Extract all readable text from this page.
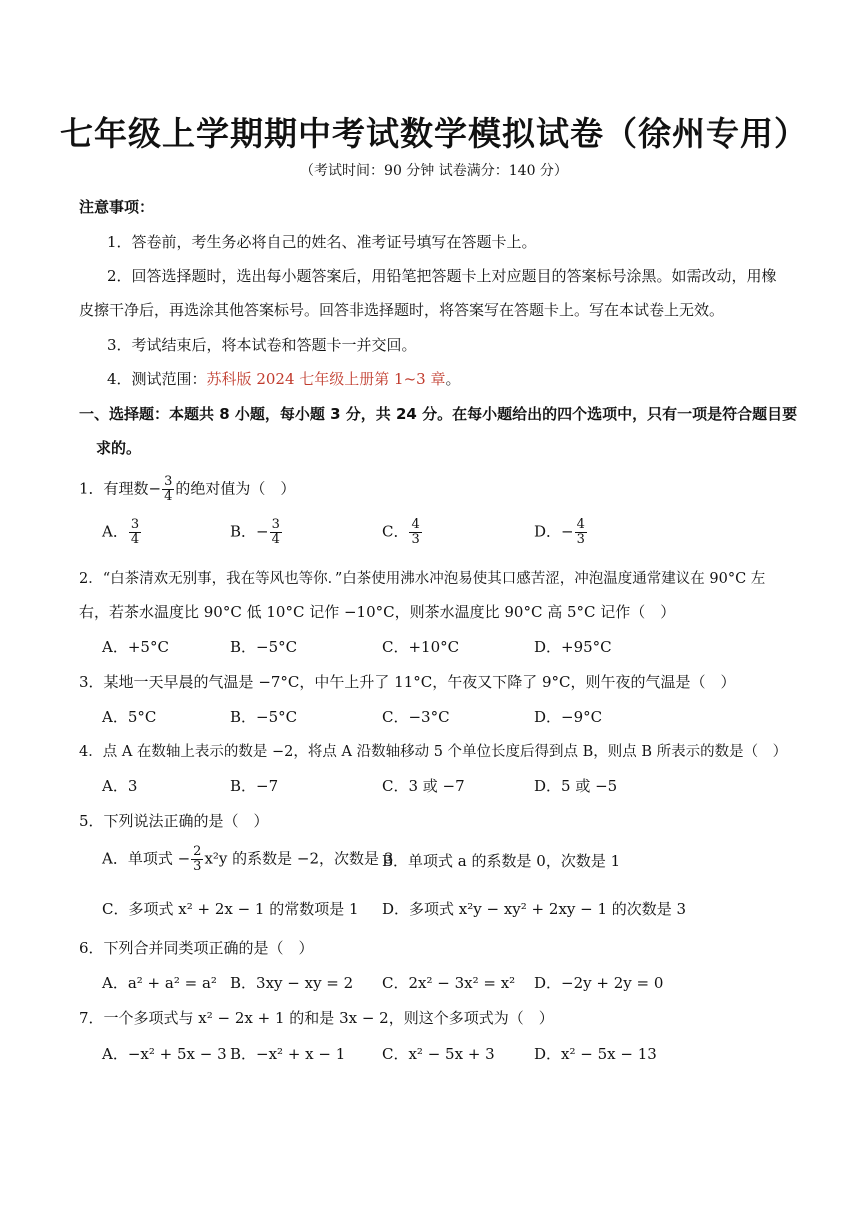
七年级上学期期中考试数学模拟试卷（徐州专用）
（考试时间：90 分钟 试卷满分：140 分）
注意事项：
1．答卷前，考生务必将自己的姓名、准考证号填写在答题卡上。
2．回答选择题时，选出每小题答案后，用铅笔把答题卡上对应题目的答案标号涂黑。如需改动，用橡
皮擦干净后，再选涂其他答案标号。回答非选择题时，将答案写在答题卡上。写在本试卷上无效。
3．考试结束后，将本试卷和答题卡一并交回。
4．测试范围：苏科版 2024 七年级上册第 1~3 章。
一、选择题：本题共 8 小题，每小题 3 分，共 24 分。在每小题给出的四个选项中，只有一项是符合题目要
求的。
1．有理数− $\frac{3}{4}$ 的绝对值为（　）
A． $\frac{3}{4}$	B．− $\frac{3}{4}$	C． $\frac{4}{3}$	D．− $\frac{4}{3}$
2．“白茶清欢无别事，我在等风也等你．”白茶使用沸水冲泡易使其口感苦涩，冲泡温度通常建议在 90°C 左
右，若茶水温度比 90°C 低 10°C 记作 −10°C，则茶水温度比 90°C 高 5°C 记作（　）
A．+5°C	B．−5°C	C．+10°C	D．+95°C
3．某地一天早晨的气温是 −7°C，中午上升了 11°C，午夜又下降了 9°C，则午夜的气温是（　）
A．5°C	B．−5°C	C．−3°C	D．−9°C
4．点 A 在数轴上表示的数是 −2，将点 A 沿数轴移动 5 个单位长度后得到点 B，则点 B 所表示的数是（　）
A．3	B．−7	C．3 或 −7	D．5 或 −5
5．下列说法正确的是（　）
A．单项式 − $\frac{2}{3} x^2y$ 的系数是 −2，次数是 3
B．单项式 a 的系数是 0，次数是 1
C．多项式 x² + 2x − 1 的常数项是 1 D．多项式 x²y − xy² + 2xy − 1 的次数是 3
6．下列合并同类项正确的是（　）
A．a² + a² = a² B．3xy − xy = 2 C．2x² − 3x² = x² D．−2y + 2y = 0
7．一个多项式与 x² − 2x + 1 的和是 3x − 2，则这个多项式为（　）
A．−x² + 5x − 3 B．−x² + x − 1 C．x² − 5x + 3	D．x² − 5x − 13
